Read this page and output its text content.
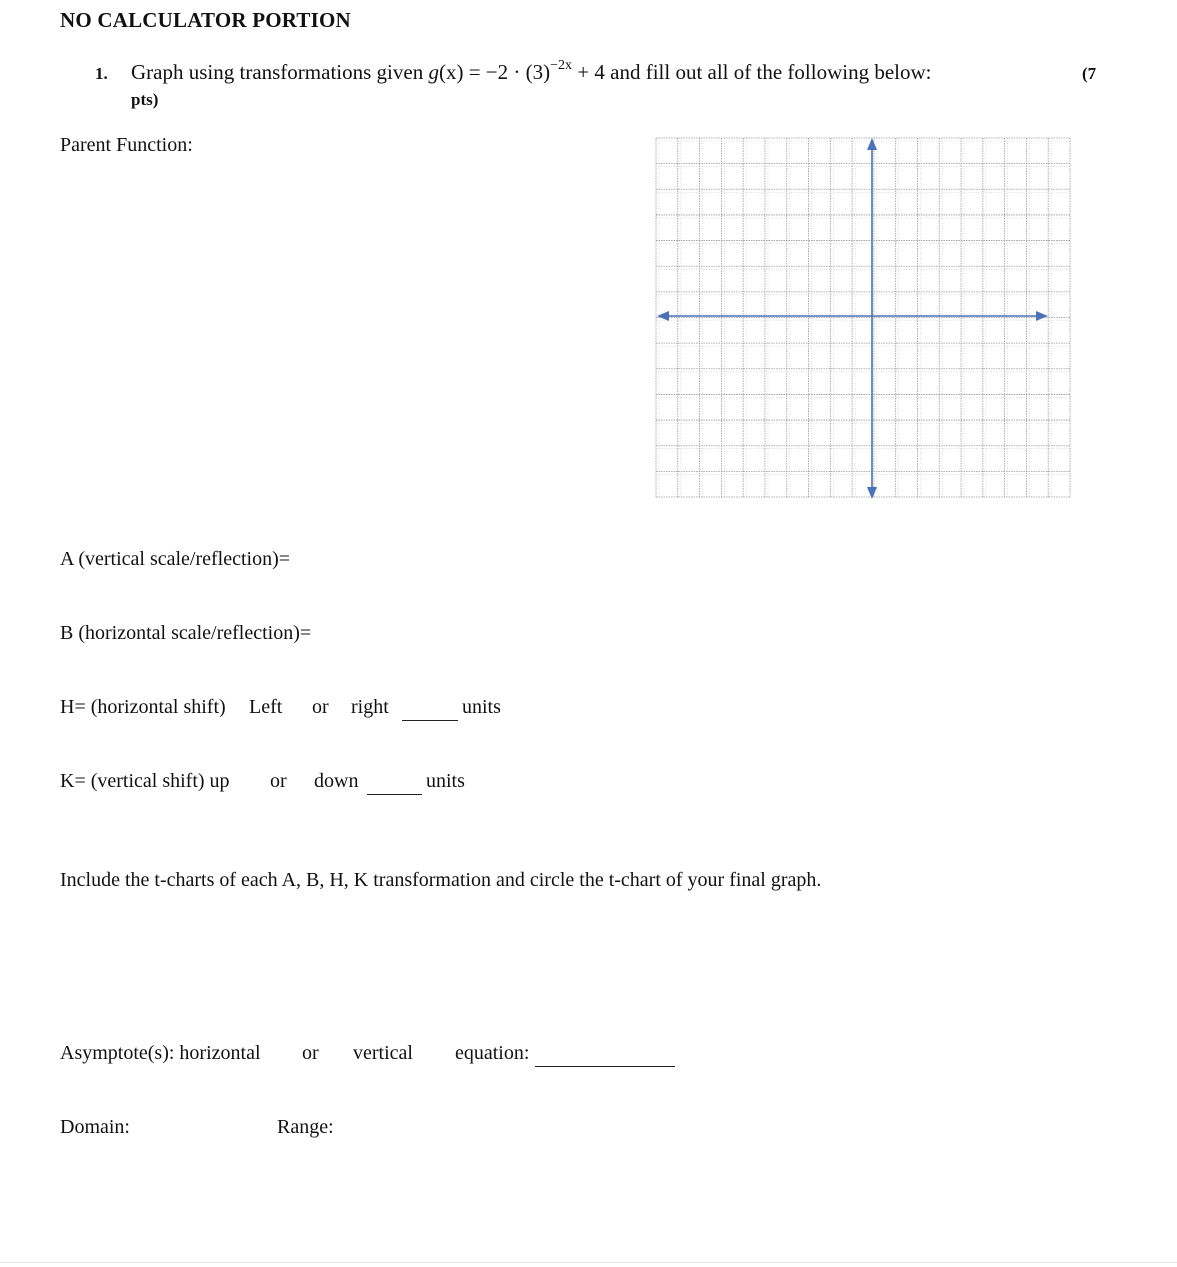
NO CALCULATOR PORTION
1. Graph using transformations given $g(x) = -2 \cdot (3)^{-2x} + 4$ and fill out all of the following below:	(7
pts)
Parent Function:
A (vertical scale/reflection)=
B (horizontal scale/reflection)=
H= (horizontal shift) Left or right	units
K= (vertical shift) up or down	units
Include the t-charts of each A, B, H, K transformation and circle the t-chart of your final graph.
Asymptote(s): horizontal or vertical equation:
Domain:	Range:
